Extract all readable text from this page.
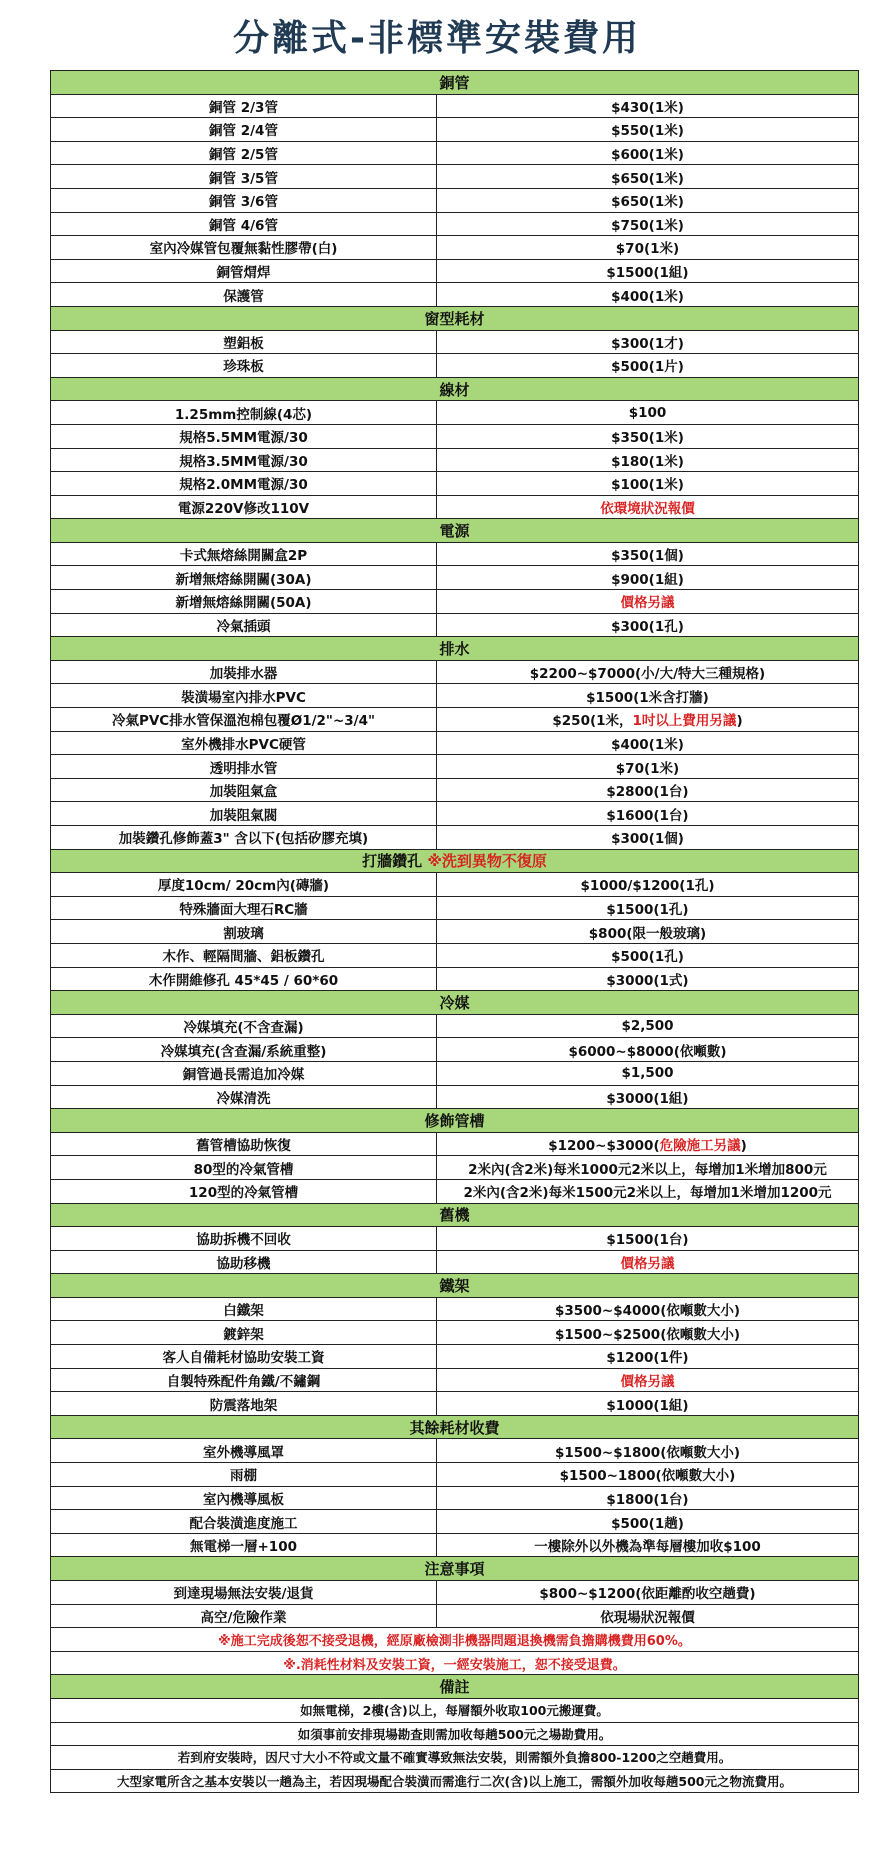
分離式-非標準安裝費用
銅管	
銅管 2/3管	$430(1米)
銅管 2/4管	$550(1米)
銅管 2/5管	$600(1米)
銅管 3/5管	$650(1米)
銅管 3/6管	$650(1米)
銅管 4/6管	$750(1米)
室內冷媒管包覆無黏性膠帶(白)	$70(1米)
銅管焨焊	$1500(1組)
保護管	$400(1米)
窗型耗材	
塑鋁板	$300(1才)
珍珠板	$500(1片)
線材	
1.25mm控制線(4芯)	$100
規格5.5MM電源/30	$350(1米)
規格3.5MM電源/30	$180(1米)
規格2.0MM電源/30	$100(1米)
電源220V修改110V	依環境狀況報價
電源	
卡式無熔絲開關盒2P	$350(1個)
新增無熔絲開關(30A)	$900(1組)
新增無熔絲開關(50A)	價格另議
冷氣插頭	$300(1孔)
排水	
加裝排水器	$2200~$7000(小/大/特大三種規格)
裝潢場室內排水PVC	$1500(1米含打牆)
冷氣PVC排水管保溫泡棉包覆Ø1/2"~3/4"	$250(1米，1吋以上費用另議)
室外機排水PVC硬管	$400(1米)
透明排水管	$70(1米)
加裝阻氣盒	$2800(1台)
加裝阻氣閥	$1600(1台)
加裝鑽孔修飾蓋3" 含以下(包括矽膠充填)	$300(1個)
打牆鑽孔 ※洗到異物不復原	
厚度10cm/ 20cm內(磚牆)	$1000/$1200(1孔)
特殊牆面大理石RC牆	$1500(1孔)
割玻璃	$800(限一般玻璃)
木作、輕隔間牆、鋁板鑽孔	$500(1孔)
木作開維修孔 45*45 / 60*60	$3000(1式)
冷媒	
冷媒填充(不含查漏)	$2,500
冷媒填充(含查漏/系統重整)	$6000~$8000(依噸數)
銅管過長需追加冷媒	$1,500
冷媒清洗	$3000(1組)
修飾管槽	
舊管槽協助恢復	$1200~$3000(危險施工另議)
80型的冷氣管槽	2米內(含2米)每米1000元2米以上，每增加1米增加800元
120型的冷氣管槽	2米內(含2米)每米1500元2米以上，每增加1米增加1200元
舊機	
協助拆機不回收	$1500(1台)
協助移機	價格另議
鐵架	
白鐵架	$3500~$4000(依噸數大小)
鍍鋅架	$1500~$2500(依噸數大小)
客人自備耗材協助安裝工資	$1200(1件)
自製特殊配件角鐵/不鏽鋼	價格另議
防震落地架	$1000(1組)
其餘耗材收費	
室外機導風罩	$1500~$1800(依噸數大小)
雨棚	$1500~1800(依噸數大小)
室內機導風板	$1800(1台)
配合裝潢進度施工	$500(1趟)
無電梯一層+100	一樓除外以外機為準每層樓加收$100
注意事項	
到達現場無法安裝/退貨	$800~$1200(依距離酌收空趟費)
高空/危險作業	依現場狀況報價
※施工完成後恕不接受退機，經原廠檢測非機器問題退換機需負擔購機費用60%。	
※.消耗性材料及安裝工資，一經安裝施工，恕不接受退費。	
備註	
如無電梯，2樓(含)以上，每層額外收取100元搬運費。	
如須事前安排現場勘查則需加收每趟500元之場勘費用。	
若到府安裝時，因尺寸大小不符或文量不確實導致無法安裝，則需額外負擔800-1200之空趟費用。	
大型家電所含之基本安裝以一趟為主，若因現場配合裝潢而需進行二次(含)以上施工，需額外加收每趟500元之物流費用。	
